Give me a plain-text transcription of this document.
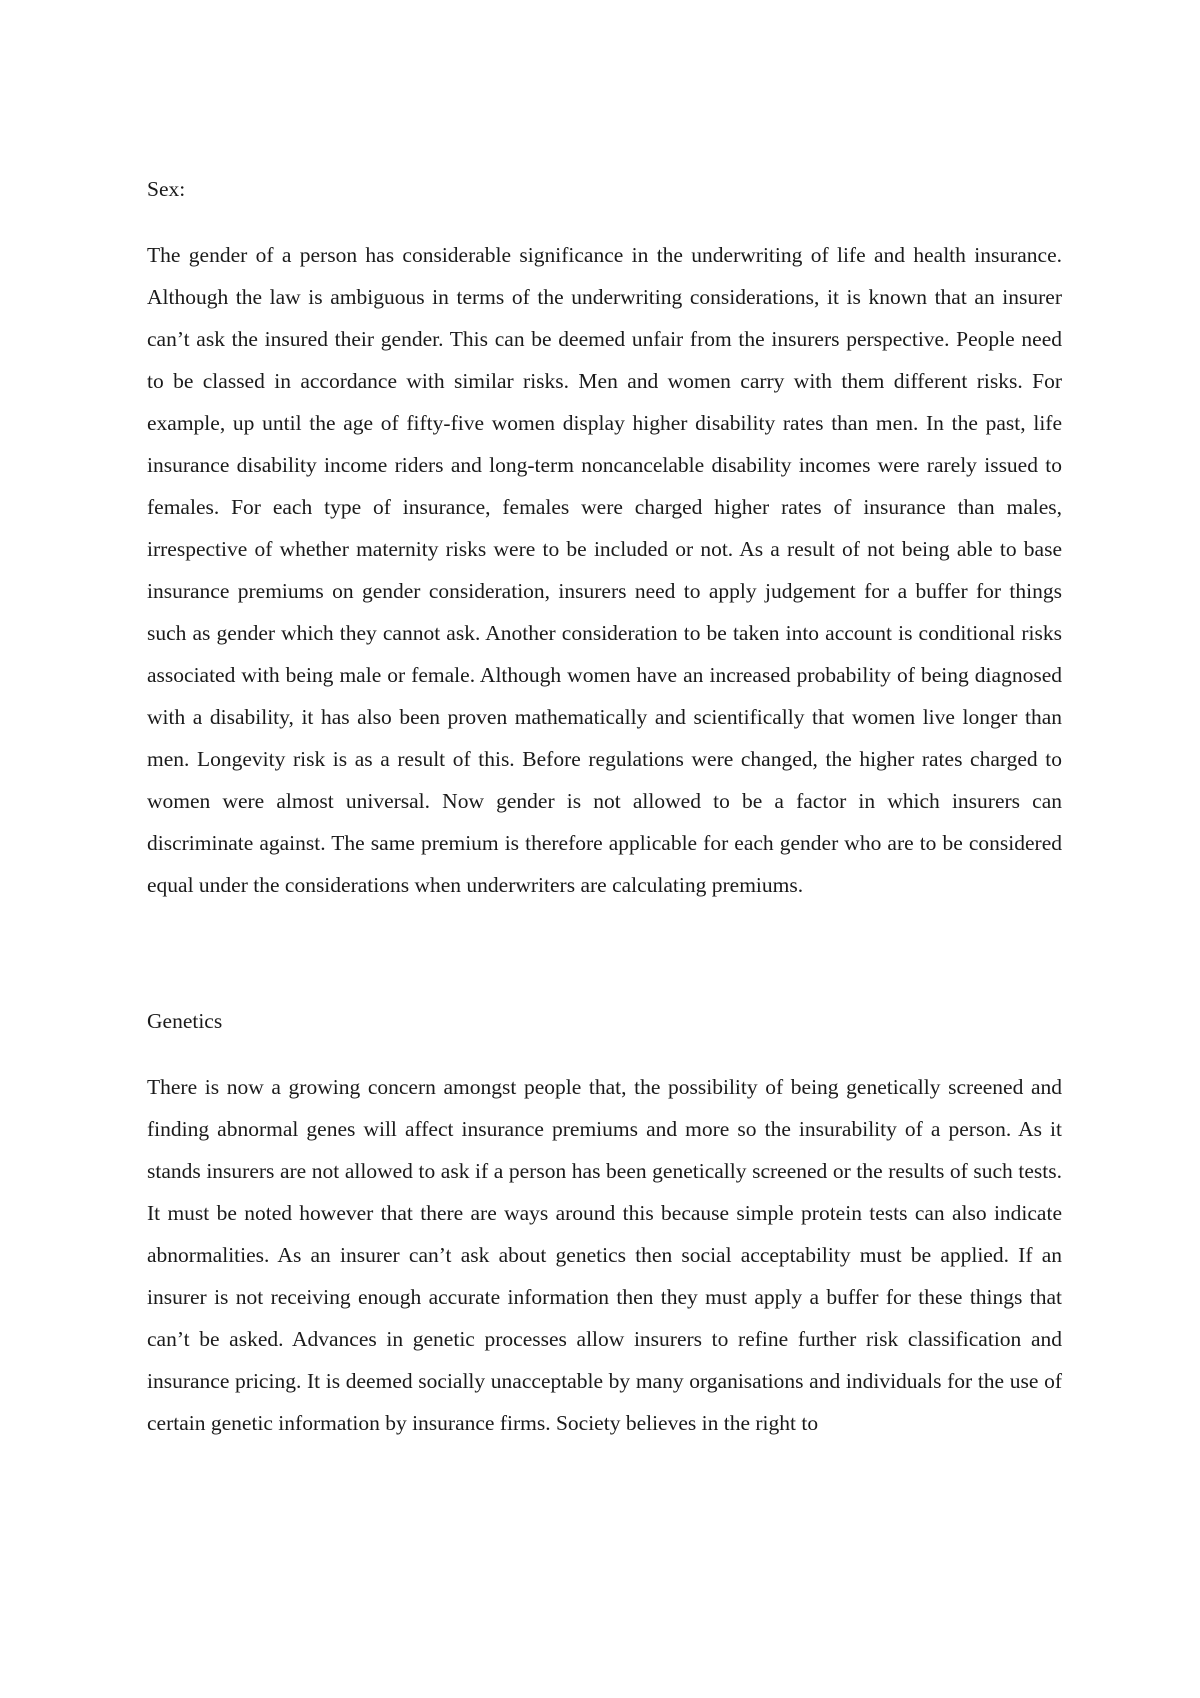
Sex:

The gender of a person has considerable significance in the underwriting of life and health insurance. Although the law is ambiguous in terms of the underwriting considerations, it is known that an insurer can’t ask the insured their gender. This can be deemed unfair from the insurers perspective. People need to be classed in accordance with similar risks. Men and women carry with them different risks. For example, up until the age of fifty-five women display higher disability rates than men. In the past, life insurance disability income riders and long-term noncancelable disability incomes were rarely issued to females. For each type of insurance, females were charged higher rates of insurance than males, irrespective of whether maternity risks were to be included or not. As a result of not being able to base insurance premiums on gender consideration, insurers need to apply judgement for a buffer for things such as gender which they cannot ask. Another consideration to be taken into account is conditional risks associated with being male or female. Although women have an increased probability of being diagnosed with a disability, it has also been proven mathematically and scientifically that women live longer than men. Longevity risk is as a result of this. Before regulations were changed, the higher rates charged to women were almost universal. Now gender is not allowed to be a factor in which insurers can discriminate against. The same premium is therefore applicable for each gender who are to be considered equal under the considerations when underwriters are calculating premiums.

Genetics

There is now a growing concern amongst people that, the possibility of being genetically screened and finding abnormal genes will affect insurance premiums and more so the insurability of a person. As it stands insurers are not allowed to ask if a person has been genetically screened or the results of such tests. It must be noted however that there are ways around this because simple protein tests can also indicate abnormalities. As an insurer can’t ask about genetics then social acceptability must be applied. If an insurer is not receiving enough accurate information then they must apply a buffer for these things that can’t be asked. Advances in genetic processes allow insurers to refine further risk classification and insurance pricing. It is deemed socially unacceptable by many organisations and individuals for the use of certain genetic information by insurance firms. Society believes in the right to
